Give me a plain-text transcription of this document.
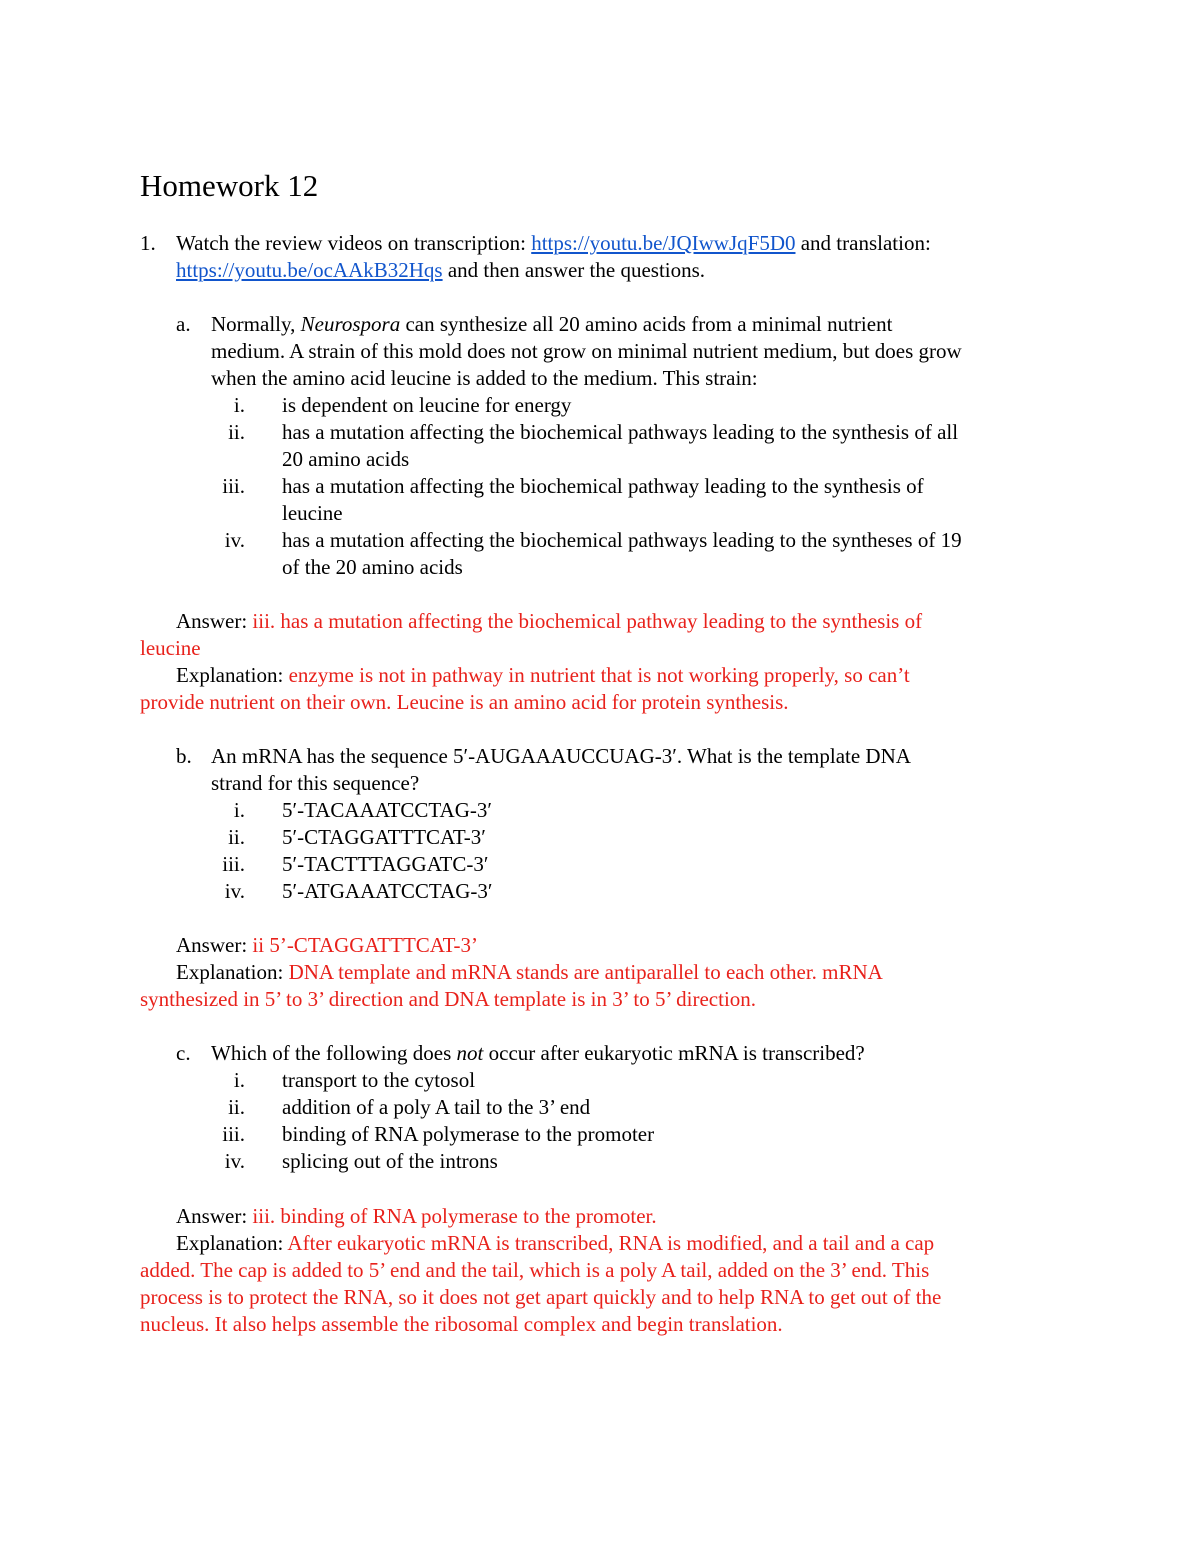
Homework 12
1. Watch the review videos on transcription: https://youtu.be/JQIwwJqF5D0 and translation:
https://youtu.be/ocAAkB32Hqs and then answer the questions.
a. Normally, Neurospora can synthesize all 20 amino acids from a minimal nutrient
medium. A strain of this mold does not grow on minimal nutrient medium, but does grow
when the amino acid leucine is added to the medium. This strain:
i. is dependent on leucine for energy
ii. has a mutation affecting the biochemical pathways leading to the synthesis of all
20 amino acids
iii. has a mutation affecting the biochemical pathway leading to the synthesis of
leucine
iv. has a mutation affecting the biochemical pathways leading to the syntheses of 19
of the 20 amino acids
Answer: iii. has a mutation affecting the biochemical pathway leading to the synthesis of
leucine
Explanation: enzyme is not in pathway in nutrient that is not working properly, so can’t
provide nutrient on their own. Leucine is an amino acid for protein synthesis.
b. An mRNA has the sequence 5′-AUGAAAUCCUAG-3′. What is the template DNA
strand for this sequence?
i. 5′-TACAAATCCTAG-3′
ii. 5′-CTAGGATTTCAT-3′
iii. 5′-TACTTTAGGATC-3′
iv. 5′-ATGAAATCCTAG-3′
Answer: ii 5’-CTAGGATTTCAT-3’
Explanation: DNA template and mRNA stands are antiparallel to each other. mRNA
synthesized in 5’ to 3’ direction and DNA template is in 3’ to 5’ direction.
c. Which of the following does not occur after eukaryotic mRNA is transcribed?
i. transport to the cytosol
ii. addition of a poly A tail to the 3’ end
iii. binding of RNA polymerase to the promoter
iv. splicing out of the introns
Answer: iii. binding of RNA polymerase to the promoter.
Explanation: After eukaryotic mRNA is transcribed, RNA is modified, and a tail and a cap
added. The cap is added to 5’ end and the tail, which is a poly A tail, added on the 3’ end. This
process is to protect the RNA, so it does not get apart quickly and to help RNA to get out of the
nucleus. It also helps assemble the ribosomal complex and begin translation.
